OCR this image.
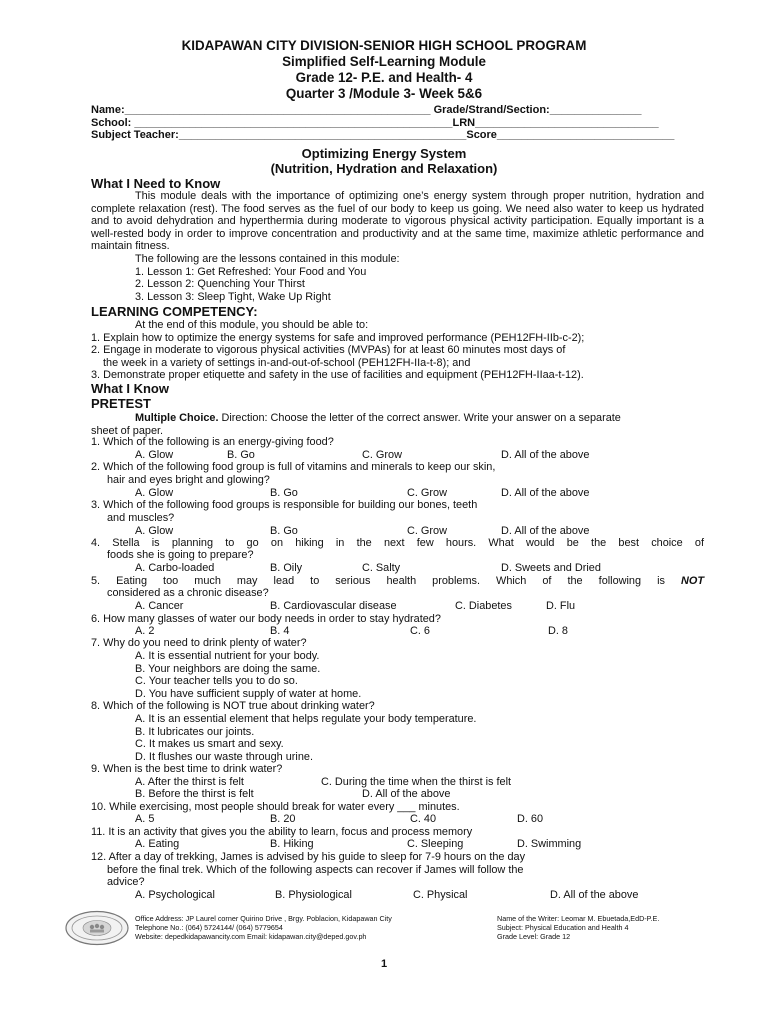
KIDAPAWAN CITY DIVISION-SENIOR HIGH SCHOOL PROGRAM
Simplified Self-Learning Module
Grade 12- P.E. and Health- 4
Quarter 3 /Module 3- Week 5&6
Name:__________________________________________________ Grade/Strand/Section:_______________
School: ____________________________________________________LRN______________________________
Subject Teacher:_______________________________________________Score_____________________________
Optimizing Energy System
(Nutrition, Hydration and Relaxation)
What I Need to Know
This module deals with the importance of optimizing one’s energy system through proper nutrition, hydration and complete relaxation (rest). The food serves as the fuel of our body to keep us going. We need also water to keep us hydrated and to avoid dehydration and hyperthermia during moderate to vigorous physical activity participation. Equally important is a well-rested body in order to improve concentration and productivity and at the same time, maximize athletic performance and maintain fitness.
The following are the lessons contained in this module:
1. Lesson 1: Get Refreshed: Your Food and You
2. Lesson 2: Quenching Your Thirst
3. Lesson 3: Sleep Tight, Wake Up Right
LEARNING COMPETENCY:
At the end of this module, you should be able to:
1. Explain how to optimize the energy systems for safe and improved performance (PEH12FH-IIb-c-2);
2. Engage in moderate to vigorous physical activities (MVPAs) for at least 60 minutes most days of
the week in a variety of settings in-and-out-of-school (PEH12FH-IIa-t-8); and
3. Demonstrate proper etiquette and safety in the use of facilities and equipment (PEH12FH-IIaa-t-12).
What I Know
PRETEST
Multiple Choice. Direction: Choose the letter of the correct answer. Write your answer on a separate
sheet of paper.
1. Which of the following is an energy-giving food?
A. Glow	B. Go	C. Grow	D. All of the above
2. Which of the following food group is full of vitamins and minerals to keep our skin,
hair and eyes bright and glowing?
A. Glow	B. Go	C. Grow	D. All of the above
3. Which of the following food groups is responsible for building our bones, teeth
and muscles?
A. Glow	B. Go	C. Grow	D. All of the above
4. Stella is planning to go on hiking in the next few hours. What would be the best choice of
foods she is going to prepare?
A. Carbo-loaded	B. Oily	C. Salty	D. Sweets and Dried
5. Eating too much may lead to serious health problems. Which of the following is NOT
considered as a chronic disease?
A. Cancer	B. Cardiovascular disease	C. Diabetes	D. Flu
6. How many glasses of water our body needs in order to stay hydrated?
A. 2	B. 4	C. 6	D. 8
7. Why do you need to drink plenty of water?
A. It is essential nutrient for your body.
B. Your neighbors are doing the same.
C. Your teacher tells you to do so.
D. You have sufficient supply of water at home.
8. Which of the following is NOT true about drinking water?
A. It is an essential element that helps regulate your body temperature.
B. It lubricates our joints.
C. It makes us smart and sexy.
D. It flushes our waste through urine.
9. When is the best time to drink water?
A. After the thirst is felt	C. During the time when the thirst is felt
B. Before the thirst is felt	D. All of the above
10. While exercising, most people should break for water every ___ minutes.
A. 5	B. 20	C. 40	D. 60
11. It is an activity that gives you the ability to learn, focus and process memory
A. Eating	B. Hiking	C. Sleeping	D. Swimming
12. After a day of trekking, James is advised by his guide to sleep for 7-9 hours on the day
before the final trek. Which of the following aspects can recover if James will follow the
advice?
A. Psychological	B. Physiological	C. Physical	D. All of the above
Office Address: JP Laurel corner Quirino Drive , Brgy. Poblacion, Kidapawan City
Telephone No.: (064) 5724144/ (064) 5779654
Website: depedkidapawancity.com Email: kidapawan.city@deped.gov.ph
Name of the Writer: Leomar M. Ebuetada,EdD-P.E.
Subject: Physical Education and Health 4
Grade Level: Grade 12
1
